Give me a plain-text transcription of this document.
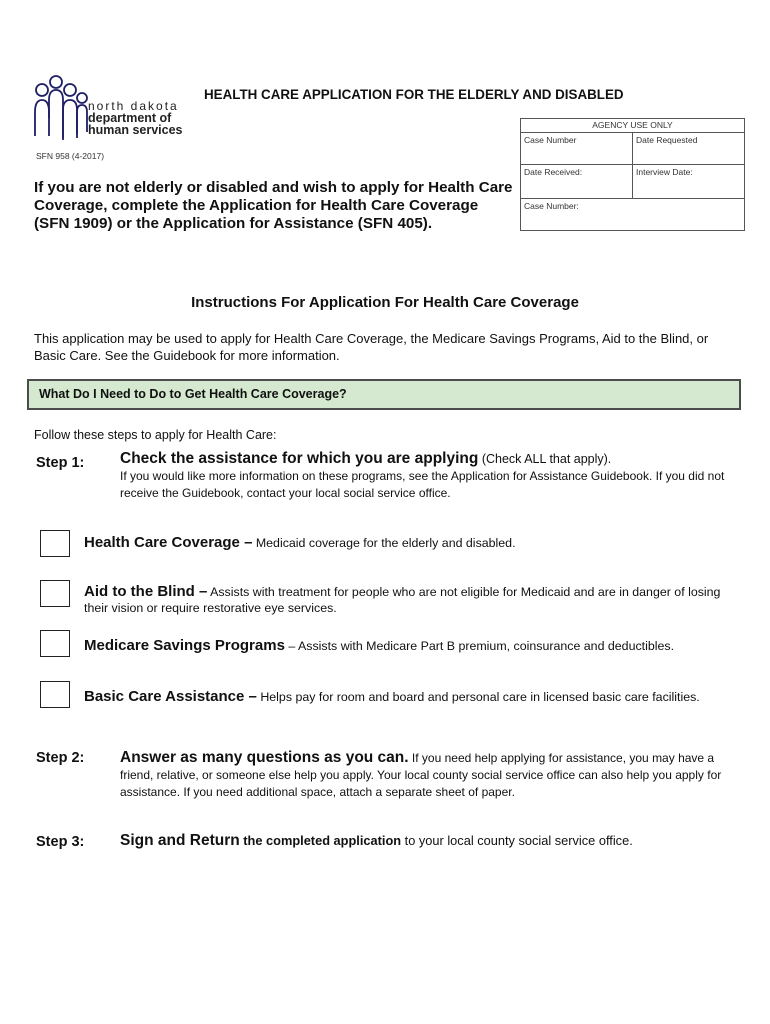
north dakota
department of
human services
SFN 958 (4-2017)
HEALTH CARE APPLICATION FOR THE ELDERLY AND DISABLED
AGENCY USE ONLY
Case Number	Date Requested
Date Received:	Interview Date:
Case Number:
If you are not elderly or disabled and wish to apply for Health Care Coverage, complete the Application for Health Care Coverage (SFN 1909) or the Application for Assistance (SFN 405).
Instructions For Application For Health Care Coverage
This application may be used to apply for Health Care Coverage, the Medicare Savings Programs, Aid to the Blind, or Basic Care. See the Guidebook for more information.
What Do I Need to Do to Get Health Care Coverage?
Follow these steps to apply for Health Care:
Step 1: Check the assistance for which you are applying (Check ALL that apply).
If you would like more information on these programs, see the Application for Assistance Guidebook. If you did not receive the Guidebook, contact your local social service office.
Health Care Coverage – Medicaid coverage for the elderly and disabled.
Aid to the Blind – Assists with treatment for people who are not eligible for Medicaid and are in danger of losing their vision or require restorative eye services.
Medicare Savings Programs – Assists with Medicare Part B premium, coinsurance and deductibles.
Basic Care Assistance – Helps pay for room and board and personal care in licensed basic care facilities.
Step 2: Answer as many questions as you can. If you need help applying for assistance, you may have a friend, relative, or someone else help you apply. Your local county social service office can also help you apply for assistance. If you need additional space, attach a separate sheet of paper.
Step 3: Sign and Return the completed application to your local county social service office.
